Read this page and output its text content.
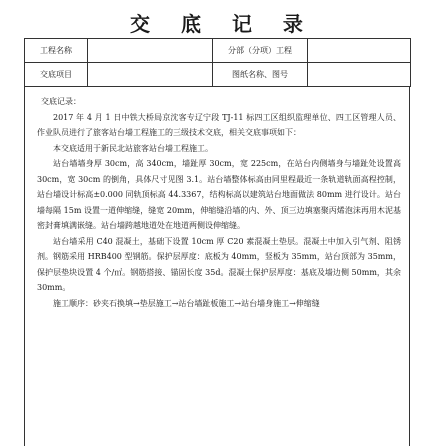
交 底 记 录
工程名称		分部（分项）工程	
交底项目		图纸名称、图号	

交底记录：

2017 年 4 月 1 日中铁大桥局京沈客专辽宁段 TJ-11 标四工区组织监理单位、四工区管理人员、作业队员进行了旅客站台墙工程施工的三级技术交底，相关交底事项如下：

本交底适用于新民北站旅客站台墙工程施工。

站台墙墙身厚 30cm，高 340cm，墙趾厚 30cm，宽 225cm，在站台内侧墙身与墙趾处设置高 30cm，宽 30cm 的倒角，具体尺寸见图 3.1。站台墙整体标高由同里程最近一条轨道轨面高程控制，站台墙设计标高±0.000 同轨顶标高 44.3367，结构标高以建筑站台地面做法 80mm 进行设计。站台墙每隔 15m 设置一道伸缩缝，缝宽 20mm，伸缩缝沿墙的内、外、顶三边填塞聚丙烯泡沫再用木泥基密封膏填满嵌缝。站台墙跨越地道处在地道两侧设伸缩缝。

站台墙采用 C40 混凝土，基础下设置 10cm 厚 C20 素混凝土垫层。混凝土中加入引气剂、阻锈剂。钢筋采用 HRB400 型钢筋。保护层厚度：底板为 40mm，竖板为 35mm，站台顶部为 35mm，保护层垫块设置 4 个/㎡。钢筋搭接、锚固长度 35d。混凝土保护层厚度：基底及墙边侧 50mm，其余 30mm。

施工顺序：砂夹石换填→垫层施工→站台墙趾板施工→站台墙身施工→伸缩缝
